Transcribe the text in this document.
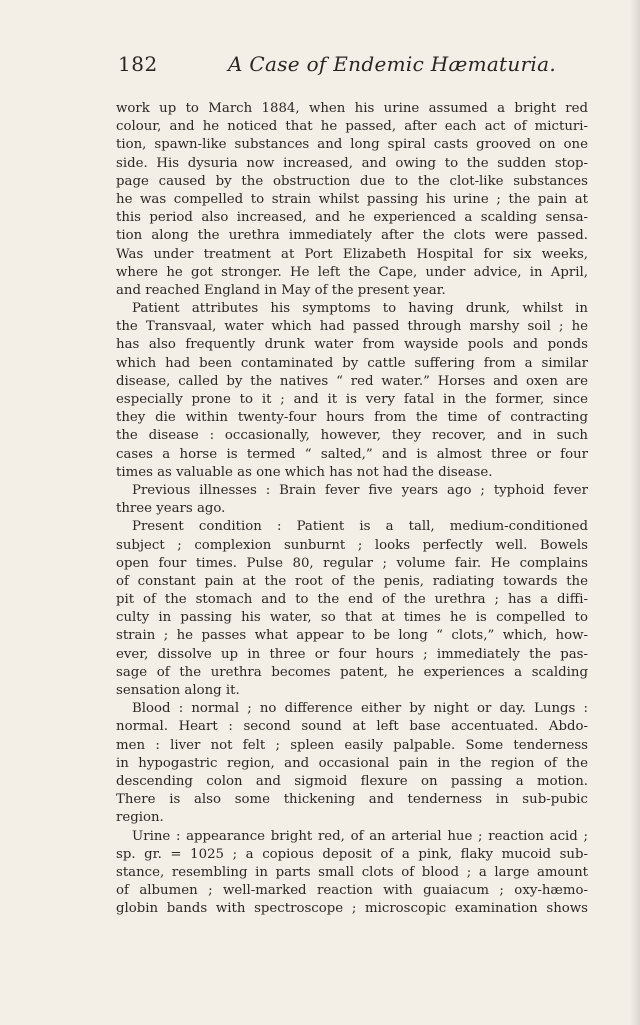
182	A Case of Endemic Hæmaturia.
work up to March 1884, when his urine assumed a bright red
colour, and he noticed that he passed, after each act of micturi-
tion, spawn-like substances and long spiral casts grooved on one
side. His dysuria now increased, and owing to the sudden stop-
page caused by the obstruction due to the clot-like substances
he was compelled to strain whilst passing his urine ; the pain at
this period also increased, and he experienced a scalding sensa-
tion along the urethra immediately after the clots were passed.
Was under treatment at Port Elizabeth Hospital for six weeks,
where he got stronger. He left the Cape, under advice, in April,
and reached England in May of the present year.
Patient attributes his symptoms to having drunk, whilst in
the Transvaal, water which had passed through marshy soil ; he
has also frequently drunk water from wayside pools and ponds
which had been contaminated by cattle suffering from a similar
disease, called by the natives “ red water.” Horses and oxen are
especially prone to it ; and it is very fatal in the former, since
they die within twenty-four hours from the time of contracting
the disease : occasionally, however, they recover, and in such
cases a horse is termed “ salted,” and is almost three or four
times as valuable as one which has not had the disease.
Previous illnesses : Brain fever five years ago ; typhoid fever
three years ago.
Present condition : Patient is a tall, medium-conditioned
subject ; complexion sunburnt ; looks perfectly well. Bowels
open four times. Pulse 80, regular ; volume fair. He complains
of constant pain at the root of the penis, radiating towards the
pit of the stomach and to the end of the urethra ; has a diffi-
culty in passing his water, so that at times he is compelled to
strain ; he passes what appear to be long “ clots,” which, how-
ever, dissolve up in three or four hours ; immediately the pas-
sage of the urethra becomes patent, he experiences a scalding
sensation along it.
Blood : normal ; no difference either by night or day. Lungs :
normal. Heart : second sound at left base accentuated. Abdo-
men : liver not felt ; spleen easily palpable. Some tenderness
in hypogastric region, and occasional pain in the region of the
descending colon and sigmoid flexure on passing a motion.
There is also some thickening and tenderness in sub-pubic
region.
Urine : appearance bright red, of an arterial hue ; reaction acid ;
sp. gr. = 1025 ; a copious deposit of a pink, flaky mucoid sub-
stance, resembling in parts small clots of blood ; a large amount
of albumen ; well-marked reaction with guaiacum ; oxy-hæmo-
globin bands with spectroscope ; microscopic examination shows
